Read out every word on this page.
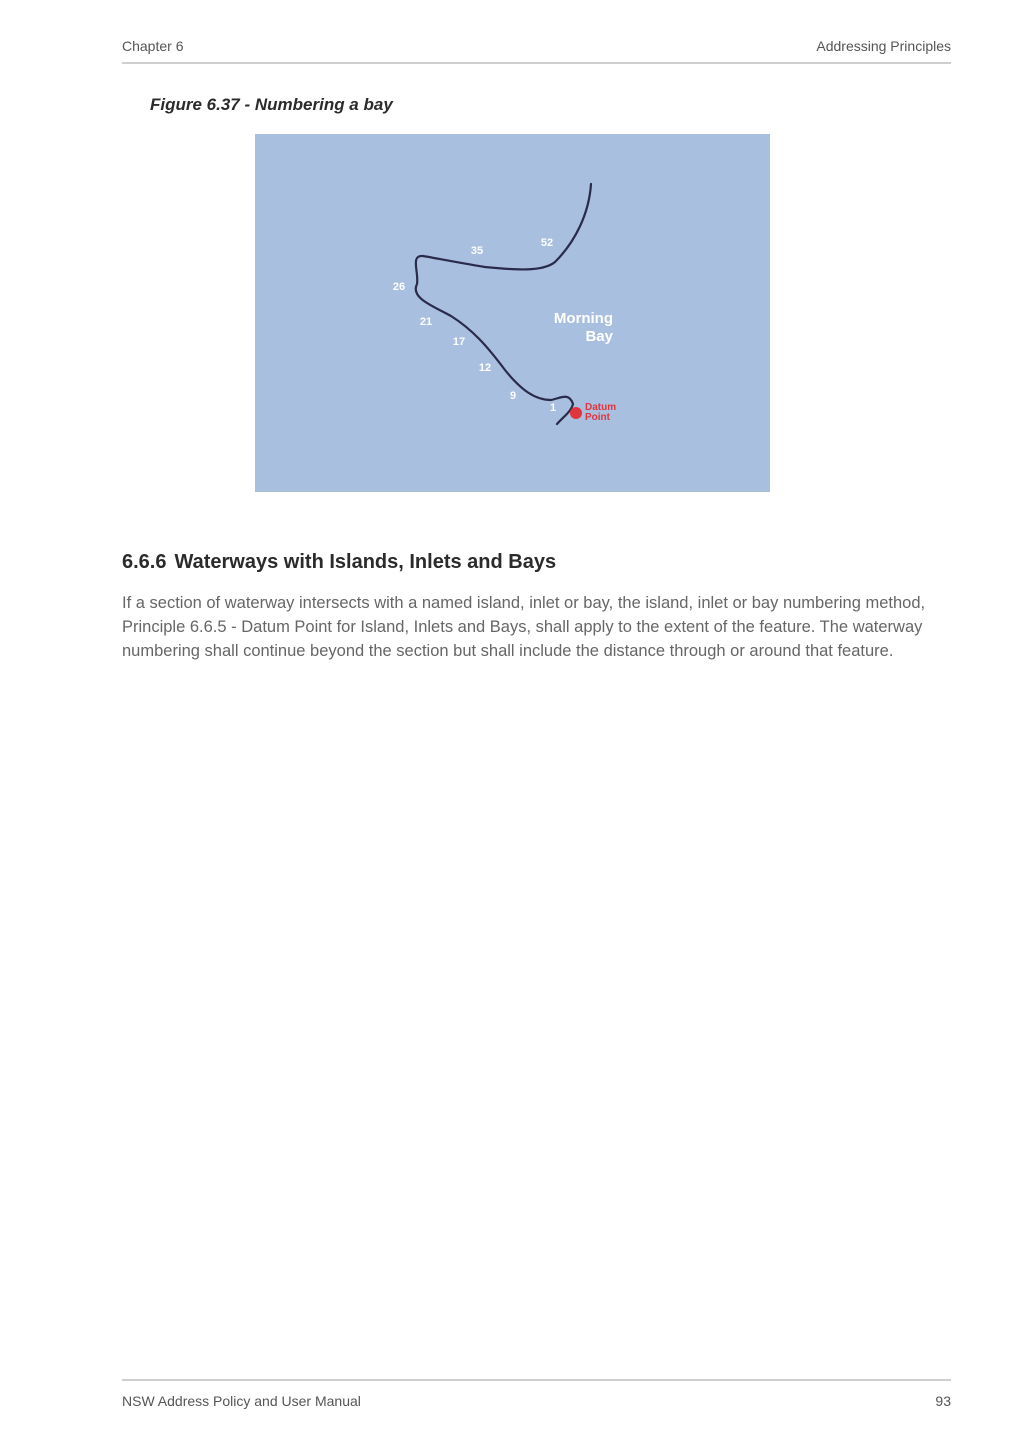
Chapter 6	Addressing Principles
Figure 6.37 - Numbering a bay
52
35
26
21
17
12
9
1
Morning
Bay
Datum
Point
6.6.6 Waterways with Islands, Inlets and Bays

If a section of waterway intersects with a named island, inlet or bay, the island, inlet or bay numbering method, Principle 6.6.5 - Datum Point for Island, Inlets and Bays, shall apply to the extent of the feature. The waterway numbering shall continue beyond the section but shall include the distance through or around that feature.

NSW Address Policy and User Manual	93
